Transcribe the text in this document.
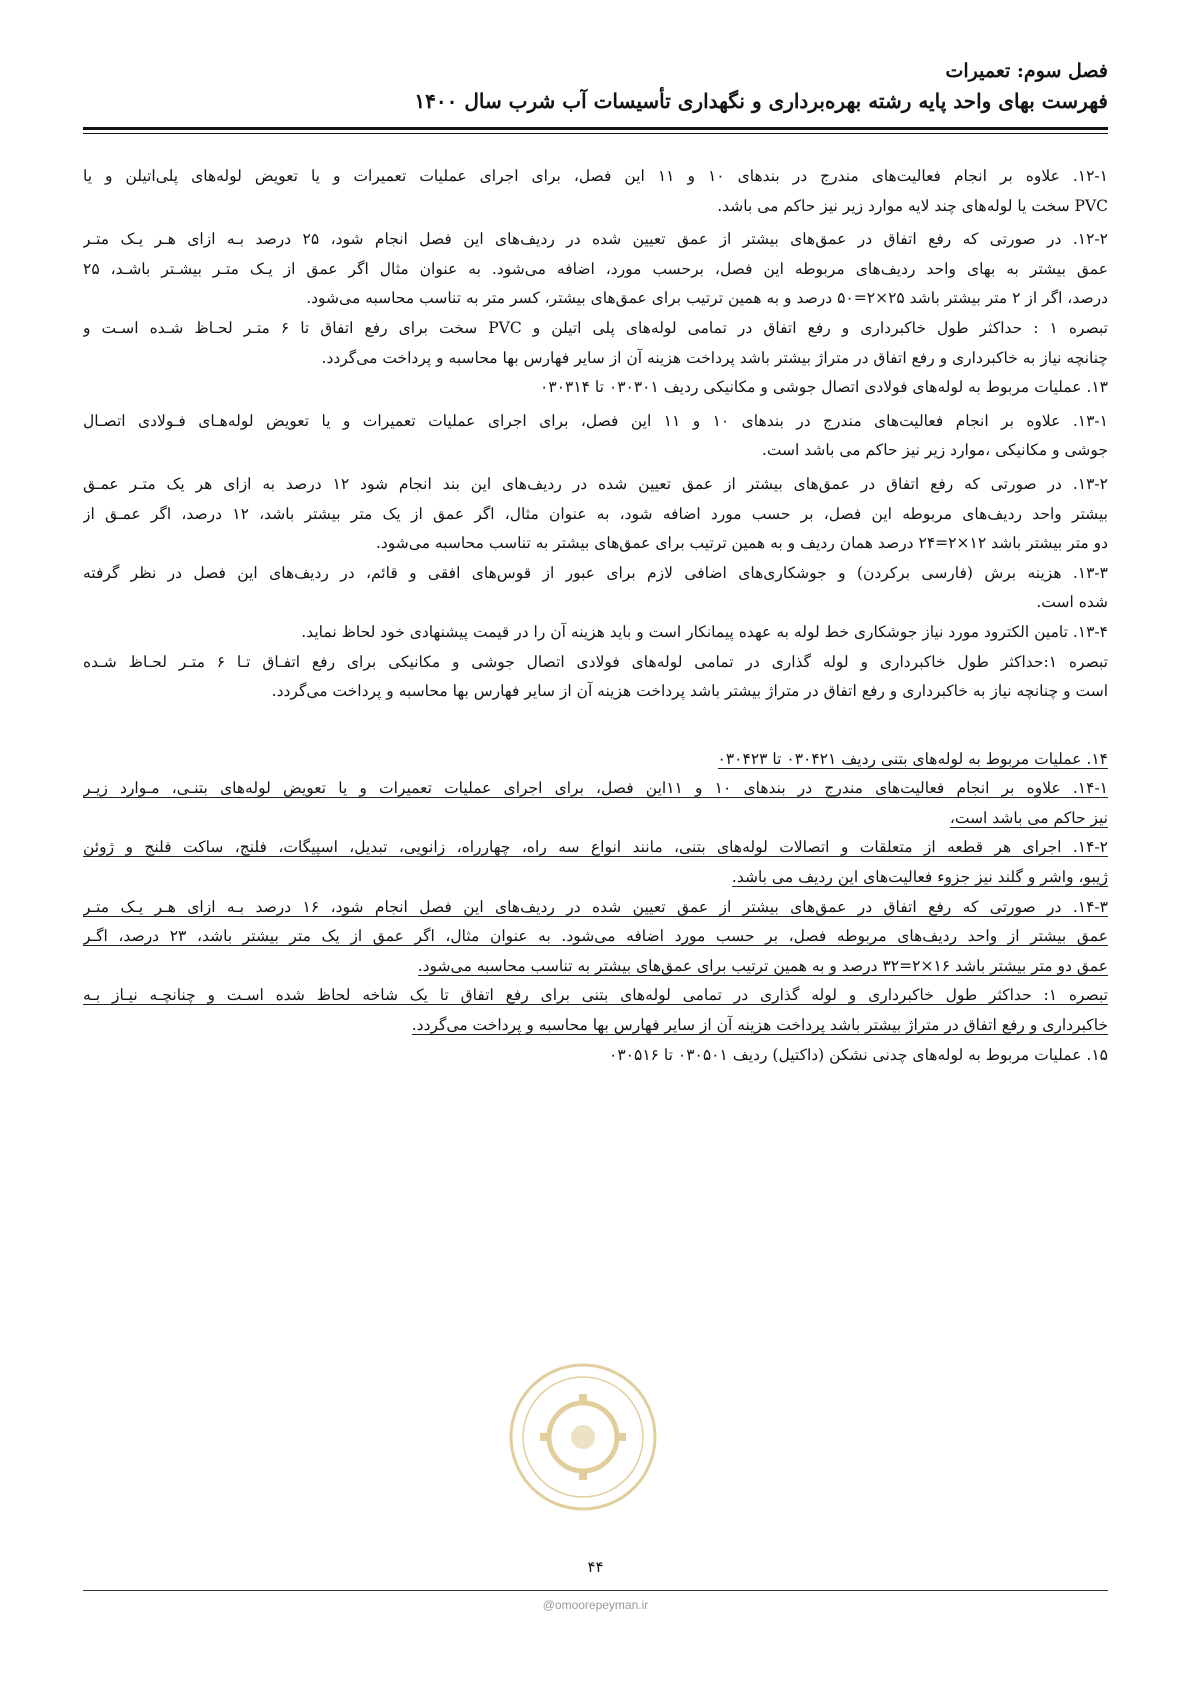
فصل سوم: تعمیرات
فهرست بهای واحد پایه رشته بهره‌برداری و نگهداری تأسیسات آب شرب سال ۱۴۰۰
۱۲-۱. علاوه بر انجام فعالیت‌های مندرج در بندهای ۱۰ و ۱۱ این فصل، برای اجرای عملیات تعمیرات و یا تعویض لوله‌های پلی‌اتیلن و یا
PVC سخت یا لوله‌های چند لایه موارد زیر نیز حاکم می باشد.
۱۲-۲. در صورتی که رفع اتفاق در عمق‌های بیشتر از عمق تعیین شده در ردیف‌های این فصل انجام شود، ۲۵ درصد بـه ازای هـر یـک متـر
عمق بیشتر به بهای واحد ردیف‌های مربوطه این فصل، برحسب مورد، اضافه می‌شود. به عنوان مثال اگر عمق از یـک متـر بیشـتر باشـد، ۲۵
درصد، اگر از ۲ متر بیشتر باشد ۲۵×۲=۵۰ درصد و به همین ترتیب برای عمق‌های بیشتر، کسر متر به تناسب محاسبه می‌شود.
تبصره ۱ : حداکثر طول خاکبرداری و رفع اتفاق در تمامی لوله‌های پلی اتیلن و PVC سخت برای رفع اتفاق تا ۶ متـر لحـاظ شـده اسـت و
چنانچه نیاز به خاکبرداری و رفع اتفاق در متراژ بیشتر باشد پرداخت هزینه آن از سایر فهارس بها محاسبه و پرداخت می‌گردد.
۱۳. عملیات مربوط به لوله‌های فولادی اتصال جوشی و مکانیکی ردیف ۰۳۰۳۰۱ تا ۰۳۰۳۱۴
۱۳-۱. علاوه بر انجام فعالیت‌های مندرج در بندهای ۱۰ و ۱۱ این فصل، برای اجرای عملیات تعمیرات و یا تعویض لوله‌هـای فـولادی اتصـال
جوشی و مکانیکی ،موارد زیر نیز حاکم می باشد است.
۱۳-۲. در صورتی که رفع اتفاق در عمق‌های بیشتر از عمق تعیین شده در ردیف‌های این بند انجام شود ۱۲ درصد به ازای هر یک متـر عمـق
بیشتر واحد ردیف‌های مربوطه این فصل، بر حسب مورد اضافه شود، به عنوان مثال، اگر عمق از یک متر بیشتر باشد، ۱۲ درصد، اگر عمـق از
دو متر بیشتر باشد ۱۲×۲=۲۴ درصد همان ردیف و به همین ترتیب برای عمق‌های بیشتر به تناسب محاسبه می‌شود.
۱۳-۳. هزینه برش (فارسی برکردن) و جوشکاری‌های اضافی لازم برای عبور از قوس‌های افقی و قائم، در ردیف‌های این فصل در نظر گرفته
شده است.
۱۳-۴. تامین الکترود مورد نیاز جوشکاری خط لوله به عهده پیمانکار است و باید هزینه آن را در قیمت پیشنهادی خود لحاظ نماید.
تبصره ۱:حداکثر طول خاکبرداری و لوله گذاری در تمامی لوله‌های فولادی اتصال جوشی و مکانیکی برای رفع اتفـاق تـا ۶ متـر لحـاظ شـده
است و چنانچه نیاز به خاکبرداری و رفع اتفاق در متراژ بیشتر باشد پرداخت هزینه آن از سایر فهارس بها محاسبه و پرداخت می‌گردد.
۱۴. عملیات مربوط به لوله‌های بتنی ردیف ۰۳۰۴۲۱ تا ۰۳۰۴۲۳
۱۴-۱. علاوه بر انجام فعالیت‌های مندرج در بندهای ۱۰ و ۱۱این فصل، برای اجرای عملیات تعمیرات و یا تعویض لوله‌های بتنـی، مـوارد زیـر
نیز حاکم می باشد است،
۱۴-۲. اجرای هر قطعه از متعلقات و اتصالات لوله‌های بتنی، مانند انواع سه راه، چهارراه، زانویی، تبدیل، اسپیگات، فلنج، ساکت فلنج و ژوئن
ژیبو، واشر و گلند نیز جزوء فعالیت‌های این ردیف می باشد.
۱۴-۳. در صورتی که رفع اتفاق در عمق‌های بیشتر از عمق تعیین شده در ردیف‌های این فصل انجام شود، ۱۶ درصد بـه ازای هـر یـک متـر
عمق بیشتر از واحد ردیف‌های مربوطه فصل، بر حسب مورد اضافه می‌شود. به عنوان مثال، اگر عمق از یک متر بیشتر باشد، ۲۳ درصد، اگـر
عمق دو متر بیشتر باشد ۱۶×۲=۳۲ درصد و به همین ترتیب برای عمق‌های بیشتر به تناسب محاسبه می‌شود.
تبصره ۱: حداکثر طول خاکبرداری و لوله گذاری در تمامی لوله‌های بتنی برای رفع اتفاق تا یک شاخه لحاظ شده اسـت و چنانچـه نیـاز بـه
خاکبرداری و رفع اتفاق در متراژ بیشتر باشد پرداخت هزینه آن از سایر فهارس بها محاسبه و پرداخت می‌گردد.
۱۵. عملیات مربوط به لوله‌های چدنی نشکن (داکتیل) ردیف ۰۳۰۵۰۱ تا ۰۳۰۵۱۶
۴۴
@omoorepeyman.ir
